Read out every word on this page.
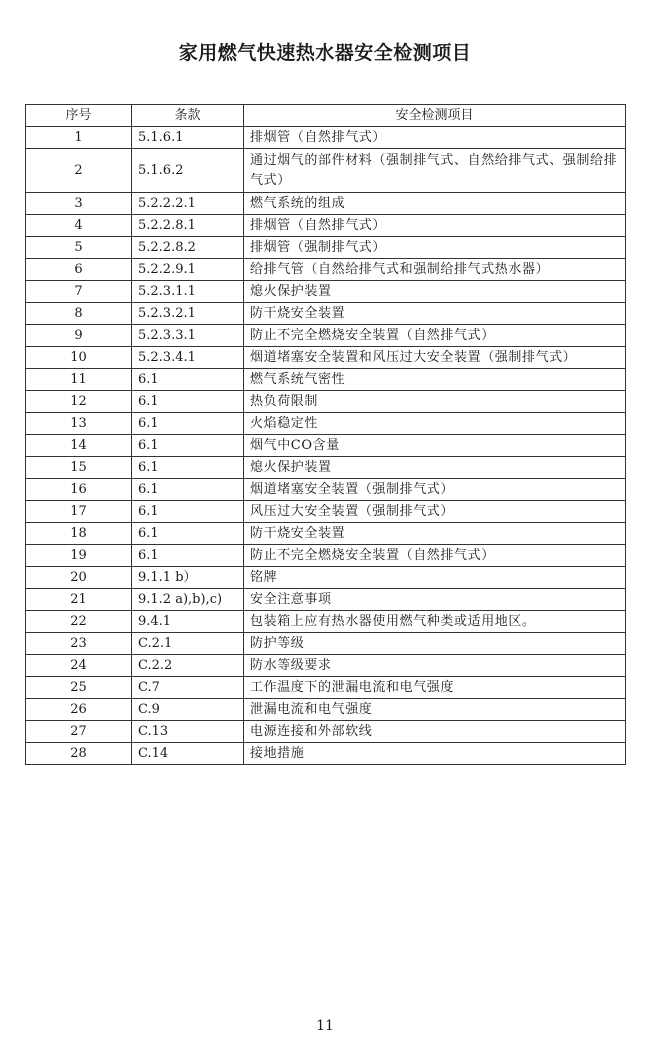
家用燃气快速热水器安全检测项目
序号	条款	安全检测项目
1	5.1.6.1	排烟管（自然排气式）
2	5.1.6.2	通过烟气的部件材料（强制排气式、自然给排气式、强制给排气式）
3	5.2.2.2.1	燃气系统的组成
4	5.2.2.8.1	排烟管（自然排气式）
5	5.2.2.8.2	排烟管（强制排气式）
6	5.2.2.9.1	给排气管（自然给排气式和强制给排气式热水器）
7	5.2.3.1.1	熄火保护装置
8	5.2.3.2.1	防干烧安全装置
9	5.2.3.3.1	防止不完全燃烧安全装置（自然排气式）
10	5.2.3.4.1	烟道堵塞安全装置和风压过大安全装置（强制排气式）
11	6.1	燃气系统气密性
12	6.1	热负荷限制
13	6.1	火焰稳定性
14	6.1	烟气中CO含量
15	6.1	熄火保护装置
16	6.1	烟道堵塞安全装置（强制排气式）
17	6.1	风压过大安全装置（强制排气式）
18	6.1	防干烧安全装置
19	6.1	防止不完全燃烧安全装置（自然排气式）
20	9.1.1 b）	铭牌
21	9.1.2 a),b),c)	安全注意事项
22	9.4.1	包装箱上应有热水器使用燃气种类或适用地区。
23	C.2.1	防护等级
24	C.2.2	防水等级要求
25	C.7	工作温度下的泄漏电流和电气强度
26	C.9	泄漏电流和电气强度
27	C.13	电源连接和外部软线
28	C.14	接地措施
11
